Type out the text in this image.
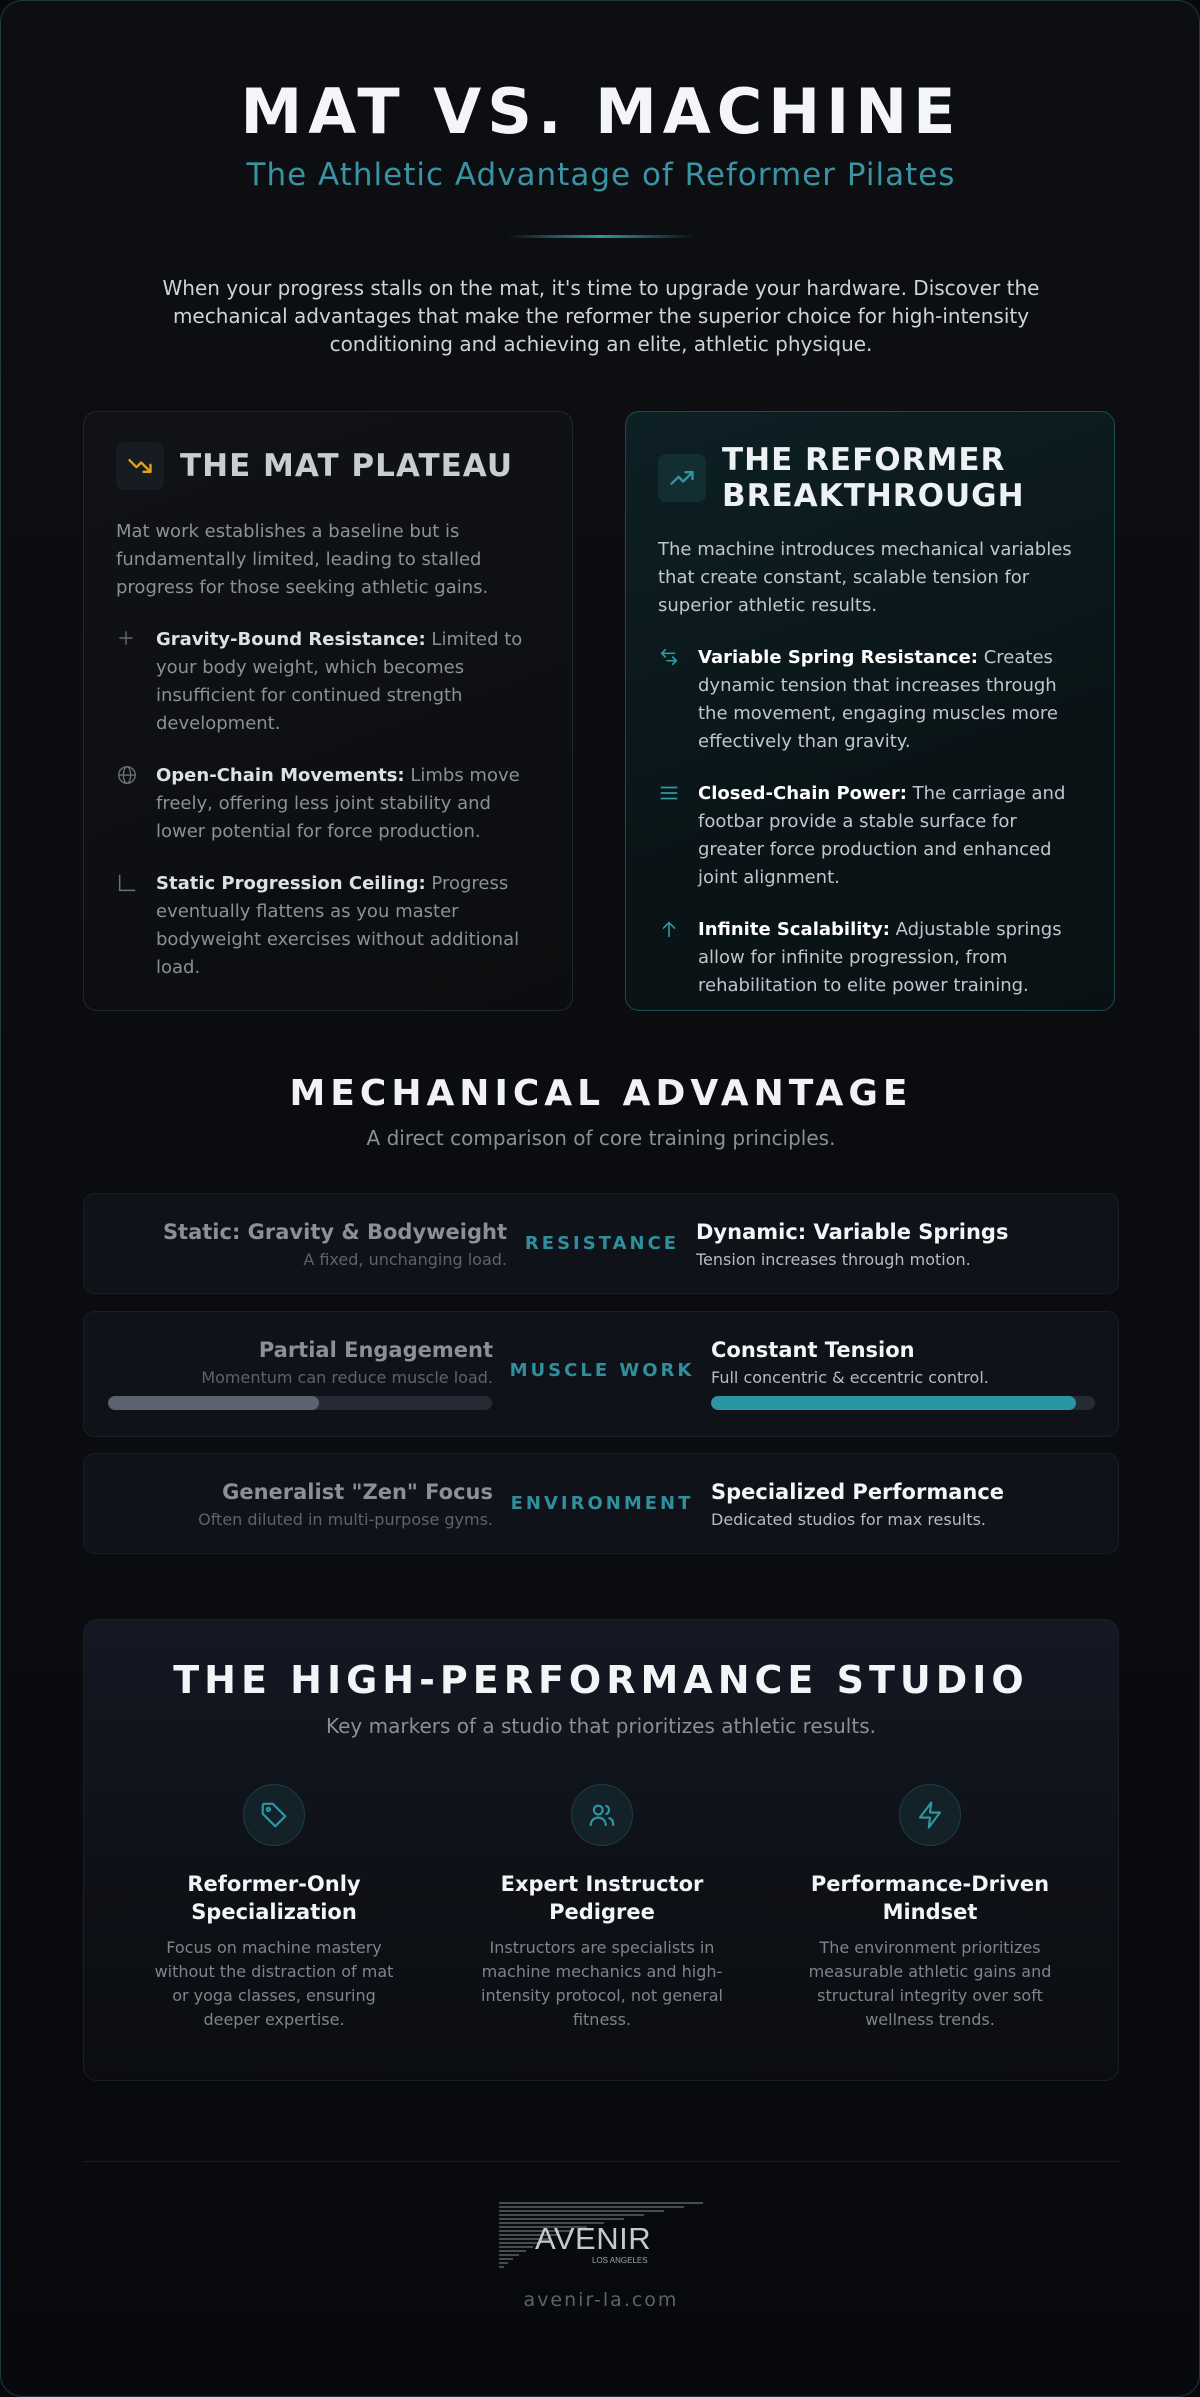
MAT VS. MACHINE
The Athletic Advantage of Reformer Pilates
When your progress stalls on the mat, it's time to upgrade your hardware. Discover the mechanical advantages that make the reformer the superior choice for high-intensity conditioning and achieving an elite, athletic physique.
THE MAT PLATEAU
Mat work establishes a baseline but is fundamentally limited, leading to stalled progress for those seeking athletic gains.
Gravity-Bound Resistance: Limited to your body weight, which becomes insufficient for continued strength development.
Open-Chain Movements: Limbs move freely, offering less joint stability and lower potential for force production.
Static Progression Ceiling: Progress eventually flattens as you master bodyweight exercises without additional load.
THE REFORMER BREAKTHROUGH
The machine introduces mechanical variables that create constant, scalable tension for superior athletic results.
Variable Spring Resistance: Creates dynamic tension that increases through the movement, engaging muscles more effectively than gravity.
Closed-Chain Power: The carriage and footbar provide a stable surface for greater force production and enhanced joint alignment.
Infinite Scalability: Adjustable springs allow for infinite progression, from rehabilitation to elite power training.
MECHANICAL ADVANTAGE
A direct comparison of core training principles.
Static: Gravity & Bodyweight
A fixed, unchanging load.
RESISTANCE Dynamic: Variable Springs
Tension increases through motion.
Partial Engagement
Momentum can reduce muscle load. MUSCLE WORK
Constant Tension
Full concentric & eccentric control.
Generalist "Zen" Focus
Often diluted in multi-purpose gyms.
ENVIRONMENT Specialized Performance
Dedicated studios for max results.
THE HIGH-PERFORMANCE STUDIO
Key markers of a studio that prioritizes athletic results.
Reformer-Only Specialization
Focus on machine mastery without the distraction of mat or yoga classes, ensuring deeper expertise.
Expert Instructor Pedigree
Instructors are specialists in machine mechanics and high-intensity protocol, not general fitness.
Performance-Driven Mindset
The environment prioritizes measurable athletic gains and structural integrity over soft wellness trends.
AVENIR
LOS ANGELES
avenir-la.com
